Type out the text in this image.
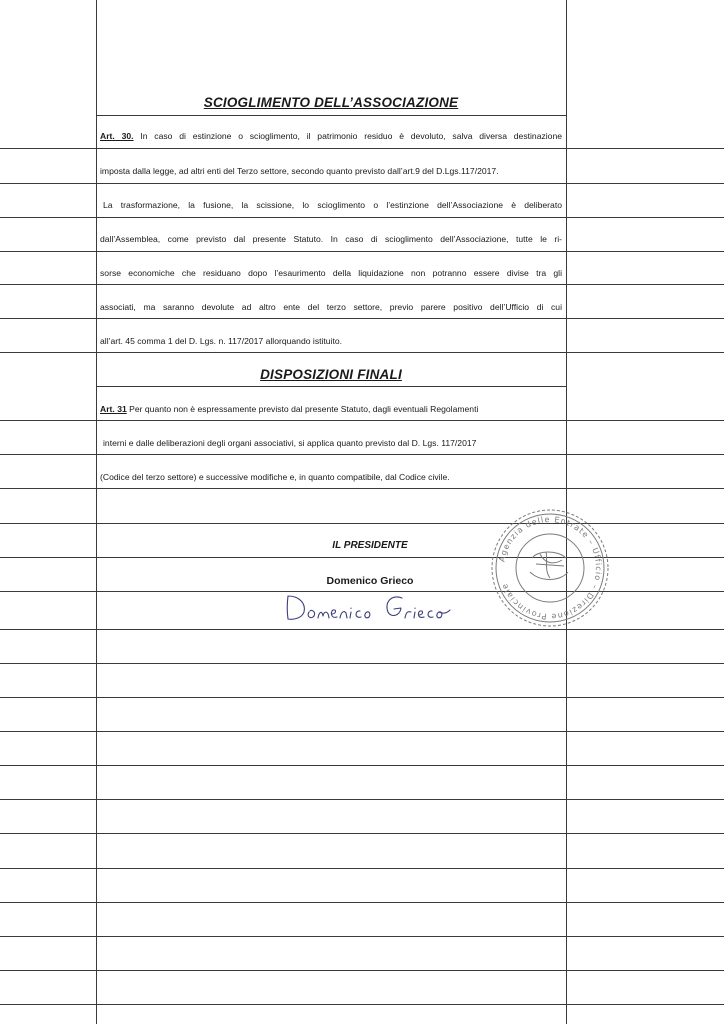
SCIOGLIMENTO DELL’ASSOCIAZIONE
Art. 30. In caso di estinzione o scioglimento, il patrimonio residuo è devoluto, salva diversa destinazione
imposta dalla legge, ad altri enti del Terzo settore, secondo quanto previsto dall’art.9 del D.Lgs.117/2017.
La trasformazione, la fusione, la scissione, lo scioglimento o l’estinzione dell’Associazione è deliberato
dall’Assemblea, come previsto dal presente Statuto. In caso di scioglimento dell’Associazione, tutte le ri-
sorse economiche che residuano dopo l’esaurimento della liquidazione non potranno essere divise tra gli
associati, ma saranno devolute ad altro ente del terzo settore, previo parere positivo dell’Ufficio di cui
all’art. 45 comma 1 del D. Lgs. n. 117/2017 allorquando istituito.
DISPOSIZIONI FINALI
Art. 31 Per quanto non è espressamente previsto dal presente Statuto, dagli eventuali Regolamenti
interni e dalle deliberazioni degli organi associativi, si applica quanto previsto dal D. Lgs. 117/2017
(Codice del terzo settore) e successive modifiche e, in quanto compatibile, dal Codice civile.
IL PRESIDENTE
Domenico Grieco
Agenzia delle Entrate – Ufficio – Direzione Provinciale
